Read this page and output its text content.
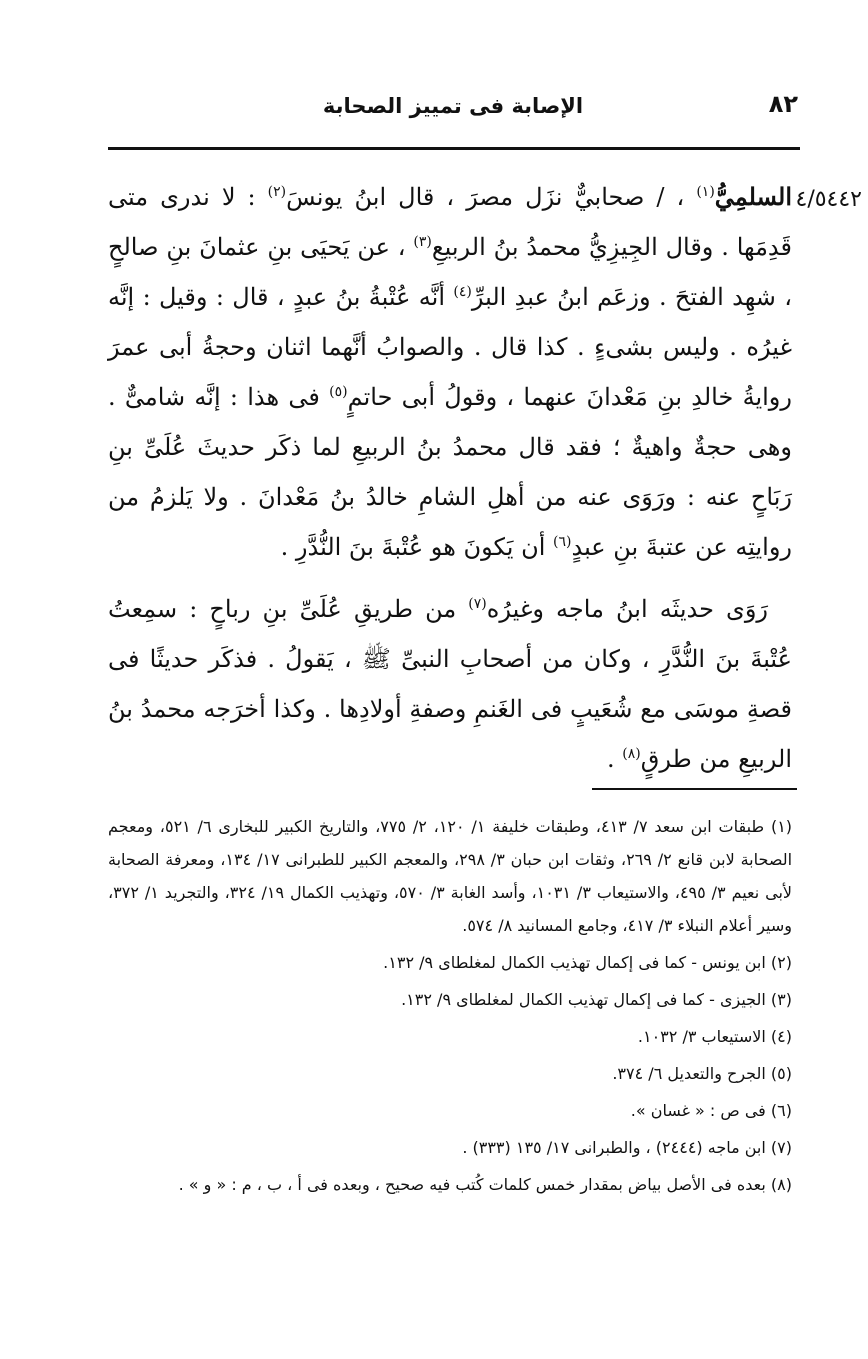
٨٢
الإصابة فى تمييز الصحابة
٤/٥٤٤٢

السلمِيُّ$^{(١)}$ ، / صحابيٌّ نزَل مصرَ ، قال ابنُ يونسَ$^{(٢)}$ : لا ندرى متى قَدِمَها . وقال الجِيزِيُّ محمدُ بنُ الربيعِ$^{(٣)}$ ، عن يَحيَى بنِ عثمانَ بنِ صالحٍ ، شهِد الفتحَ . وزعَم ابنُ عبدِ البرِّ$^{(٤)}$ أنَّه عُتْبةُ بنُ عبدٍ ، قال : وقيل : إنَّه غيرُه . وليس بشىءٍ . كذا قال . والصوابُ أنَّهما اثنان وحجةُ أبى عمرَ روايةُ خالدِ بنِ مَعْدانَ عنهما ، وقولُ أبى حاتمٍ$^{(٥)}$ فى هذا : إنَّه شامىٌّ . وهى حجةٌ واهيةٌ ؛ فقد قال محمدُ بنُ الربيعِ لما ذكَر حديثَ عُلَىِّ بنِ رَبَاحٍ عنه : ورَوَى عنه من أهلِ الشامِ خالدُ بنُ مَعْدانَ . ولا يَلزمُ من روايتِه عن عتبةَ بنِ عبدٍ$^{(٦)}$ أن يَكونَ هو عُتْبةَ بنَ النُّدَّرِ .

رَوَى حديثَه ابنُ ماجه وغيرُه$^{(٧)}$ من طريقِ عُلَىِّ بنِ رباحٍ : سمِعتُ عُتْبةَ بنَ النُّدَّرِ ، وكان من أصحابِ النبىِّ ﷺ ، يَقولُ . فذكَر حديثًا فى قصةِ موسَى مع شُعَيبٍ فى الغَنمِ وصفةِ أولادِها . وكذا أخرَجه محمدُ بنُ الربيعِ من طرقٍ$^{(٨)}$ .

(١) طبقات ابن سعد ٧/ ٤١٣، وطبقات خليفة ١/ ١٢٠، ٢/ ٧٧٥، والتاريخ الكبير للبخارى ٦/ ٥٢١، ومعجم الصحابة لابن قانع ٢/ ٢٦٩، وثقات ابن حبان ٣/ ٢٩٨، والمعجم الكبير للطبرانى ١٧/ ١٣٤، ومعرفة الصحابة لأبى نعيم ٣/ ٤٩٥، والاستيعاب ٣/ ١٠٣١، وأسد الغابة ٣/ ٥٧٠، وتهذيب الكمال ١٩/ ٣٢٤، والتجريد ١/ ٣٧٢، وسير أعلام النبلاء ٣/ ٤١٧، وجامع المسانيد ٨/ ٥٧٤.
(٢) ابن يونس - كما فى إكمال تهذيب الكمال لمغلطاى ٩/ ١٣٢.
(٣) الجيزى - كما فى إكمال تهذيب الكمال لمغلطاى ٩/ ١٣٢.
(٤) الاستيعاب ٣/ ١٠٣٢.
(٥) الجرح والتعديل ٦/ ٣٧٤.
(٦) فى ص : « غسان ».
(٧) ابن ماجه (٢٤٤٤) ، والطبرانى ١٧/ ١٣٥ (٣٣٣) .
(٨) بعده فى الأصل بياض بمقدار خمس كلمات كُتب فيه صحيح ، وبعده فى أ ، ب ، م : « و » .
